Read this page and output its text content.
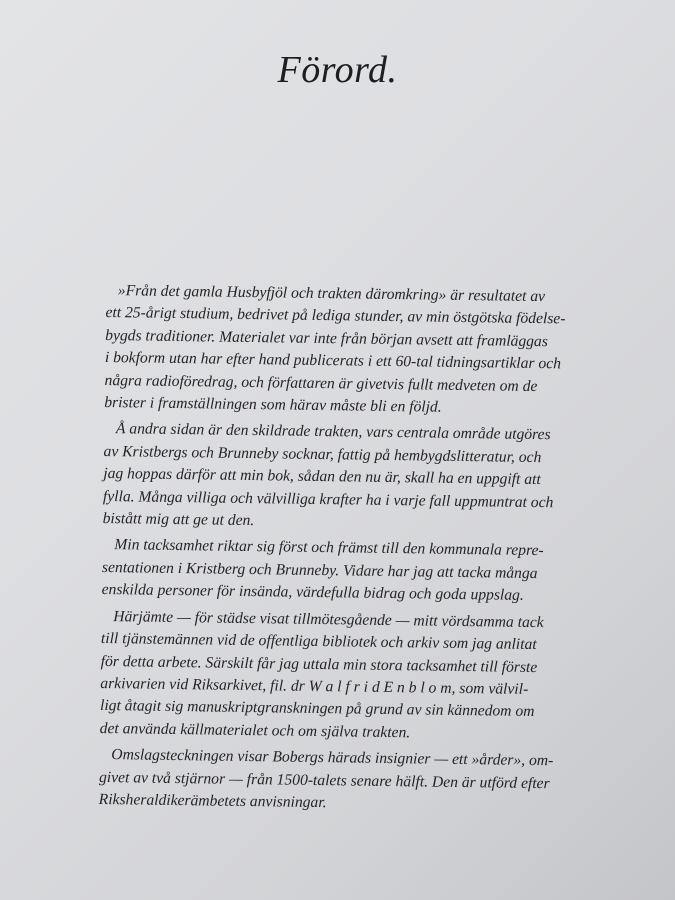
Förord.
»Från det gamla Husbyfjöl och trakten däromkring» är resultatet av
ett 25-årigt studium, bedrivet på lediga stunder, av min östgötska födelse-
bygds traditioner. Materialet var inte från början avsett att framläggas
i bokform utan har efter hand publicerats i ett 60-tal tidningsartiklar och
några radioföredrag, och författaren är givetvis fullt medveten om de
brister i framställningen som härav måste bli en följd.
Å andra sidan är den skildrade trakten, vars centrala område utgöres
av Kristbergs och Brunneby socknar, fattig på hembygdslitteratur, och
jag hoppas därför att min bok, sådan den nu är, skall ha en uppgift att
fylla. Många villiga och välvilliga krafter ha i varje fall uppmuntrat och
bistått mig att ge ut den.
Min tacksamhet riktar sig först och främst till den kommunala repre-
sentationen i Kristberg och Brunneby. Vidare har jag att tacka många
enskilda personer för insända, värdefulla bidrag och goda uppslag.
Härjämte — för städse visat tillmötesgående — mitt vördsamma tack
till tjänstemännen vid de offentliga bibliotek och arkiv som jag anlitat
för detta arbete. Särskilt får jag uttala min stora tacksamhet till förste
arkivarien vid Riksarkivet, fil. dr W a l f r i d E n b l o m, som välvil-
ligt åtagit sig manuskriptgranskningen på grund av sin kännedom om
det använda källmaterialet och om själva trakten.
Omslagsteckningen visar Bobergs härads insignier — ett »årder», om-
givet av två stjärnor — från 1500-talets senare hälft. Den är utförd efter
Riksheraldikerämbetets anvisningar.
